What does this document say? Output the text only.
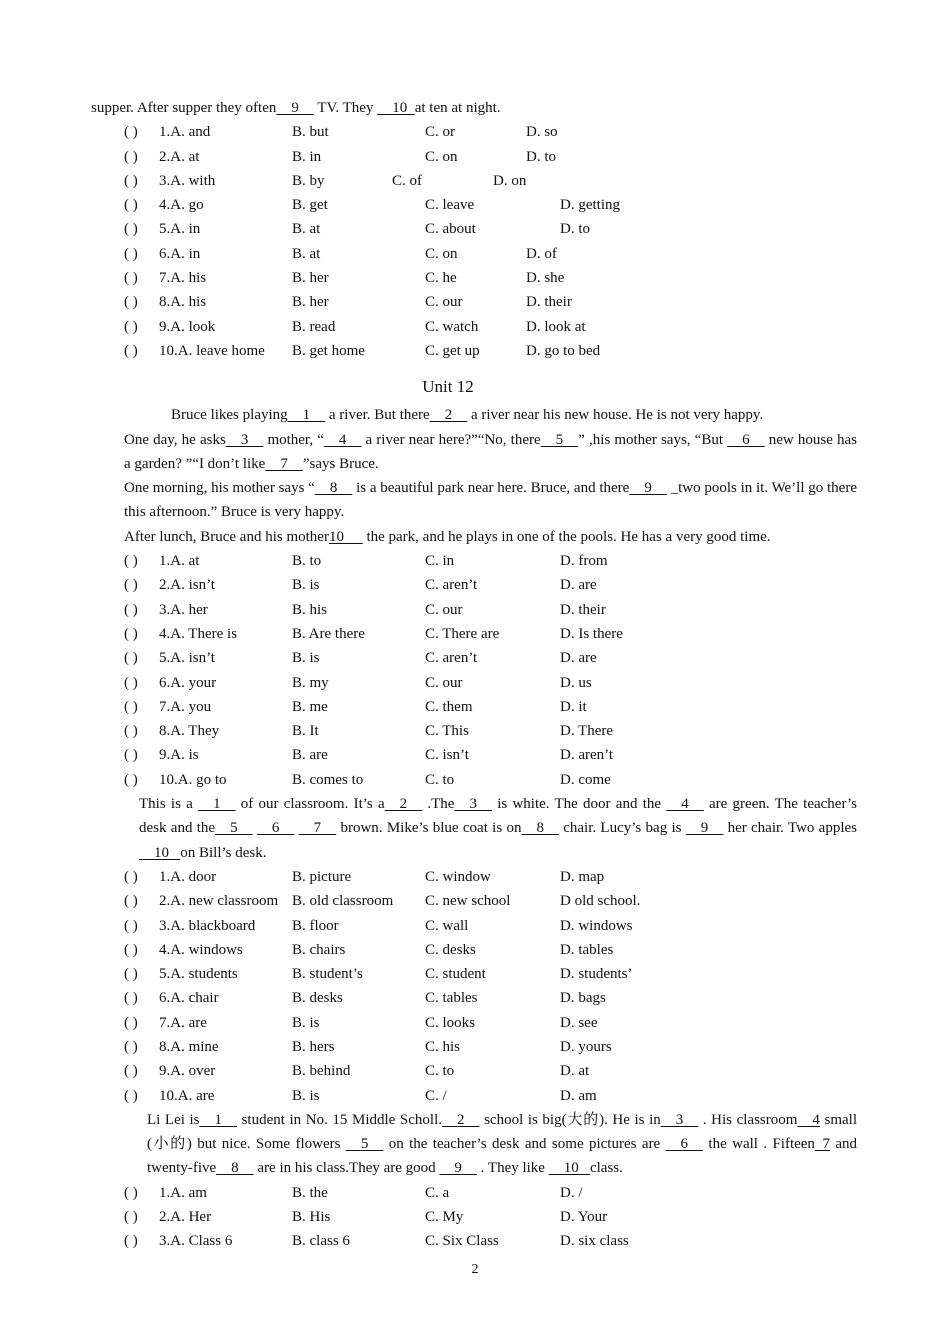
supper. After supper they often    9     TV. They     10  at ten at night.

( ) 1.A. and	B. but	C. or	D. so
( ) 2.A. at	B. in	C. on	D. to
( ) 3.A. with	B. by	C. of	D. on
( ) 4.A. go	B. get	C. leave	D. getting
( ) 5.A. in	B. at	C. about	D. to
( ) 6.A. in	B. at	C. on	D. of
( ) 7.A. his	B. her	C. he	D. she
( ) 8.A. his	B. her	C. our	D. their
( ) 9.A. look	B. read	C. watch	D. look at
( ) 10.A. leave home B. get home	C. get up	D. go to bed
Unit 12

Bruce likes playing    1     a river. But there    2     a river near his new house. He is not very happy.

One day, he asks    3     mother, “    4     a river near here?”“No, there    5    ” ,his mother says, “But     6     new house has a garden? ”“I don’t like    7    ”says Bruce.

One morning, his mother says “    8     is a beautiful park near here. Bruce, and there    9     _two pools in it. We’ll go there this afternoon.” Bruce is very happy.

After lunch, Bruce and his mother10      the park, and he plays in one of the pools. He has a very good time.

( ) 1.A. at	B. to	C. in	D. from
( ) 2.A. isn’t	B. is	C. aren’t	D. are
( ) 3.A. her	B. his	C. our	D. their
( ) 4.A. There is	B. Are there	C. There are	D. Is there
( ) 5.A. isn’t	B. is	C. aren’t	D. are
( ) 6.A. your	B. my	C. our	D. us
( ) 7.A. you	B. me	C. them	D. it
( ) 8.A. They	B. It	C. This	D. There
( ) 9.A. is	B. are	C. isn’t	D. aren’t
( ) 10.A. go to	B. comes to	C. to	D. come

This is a     1     of our classroom. It’s a    2     .The    3     is white. The door and the     4     are green. The teacher’s desk and the    5         6         7     brown. Mike’s blue coat is on    8     chair. Lucy’s bag is     9     her chair. Two apples    10   on Bill’s desk.

( ) 1.A. door	B. picture	C. window	D. map
( ) 2.A. new classroom B. old classroom C. new school	D old school.
( ) 3.A. blackboard B. floor	C. wall	D. windows
( ) 4.A. windows	B. chairs	C. desks	D. tables
( ) 5.A. students	B. student’s	C. student	D. students’
( ) 6.A. chair	B. desks	C. tables	D. bags
( ) 7.A. are	B. is	C. looks	D. see
( ) 8.A. mine	B. hers	C. his	D. yours
( ) 9.A. over	B. behind	C. to	D. at
( ) 10.A. are	B. is	C. /	D. am

Li Lei is    1     student in No. 15 Middle Scholl.    2     school is big(大的). He is in    3     . His classroom    4 small (小的) but nice. Some flowers     5     on the teacher’s desk and some pictures are     6     the wall . Fifteen  7 and twenty-five    8     are in his class.They are good     9     . They like     10   class.

( ) 1.A. am	B. the	C. a	D. /
( ) 2.A. Her	B. His	C. My	D. Your
( ) 3.A. Class 6	B. class 6	C. Six Class	D. six class
2
